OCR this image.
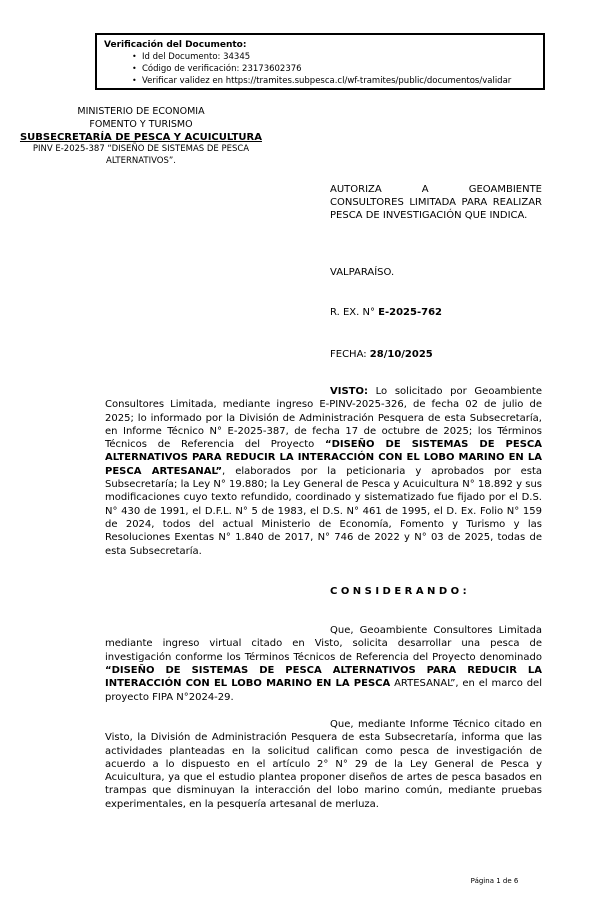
Verificación del Documento:
• Id del Documento: 34345
• Código de verificación: 23173602376
• Verificar validez en https://tramites.subpesca.cl/wf-tramites/public/documentos/validar
MINISTERIO DE ECONOMIA
FOMENTO Y TURISMO
SUBSECRETARÍA DE PESCA Y ACUICULTURA
PINV E-2025-387 “DISEÑO DE SISTEMAS DE PESCA ALTERNATIVOS”.
AUTORIZA A GEOAMBIENTE CONSULTORES LIMITADA PARA REALIZAR PESCA DE INVESTIGACIÓN QUE INDICA.
VALPARAÍSO.
R. EX. N° E-2025-762
FECHA: 28/10/2025

VISTO: Lo solicitado por Geoambiente Consultores Limitada, mediante ingreso E-PINV-2025-326, de fecha 02 de julio de 2025; lo informado por la División de Administración Pesquera de esta Subsecretaría, en Informe Técnico N° E-2025-387, de fecha 17 de octubre de 2025; los Términos Técnicos de Referencia del Proyecto “DISEÑO DE SISTEMAS DE PESCA ALTERNATIVOS PARA REDUCIR LA INTERACCIÓN CON EL LOBO MARINO EN LA PESCA ARTESANAL”, elaborados por la peticionaria y aprobados por esta Subsecretaría; la Ley N° 19.880; la Ley General de Pesca y Acuicultura N° 18.892 y sus modificaciones cuyo texto refundido, coordinado y sistematizado fue fijado por el D.S. N° 430 de 1991, el D.F.L. N° 5 de 1983, el D.S. N° 461 de 1995, el D. Ex. Folio N° 159 de 2024, todos del actual Ministerio de Economía, Fomento y Turismo y las Resoluciones Exentas N° 1.840 de 2017, N° 746 de 2022 y N° 03 de 2025, todas de esta Subsecretaría.

C O N S I D E R A N D O :

Que, Geoambiente Consultores Limitada mediante ingreso virtual citado en Visto, solicita desarrollar una pesca de investigación conforme los Términos Técnicos de Referencia del Proyecto denominado “DISEÑO DE SISTEMAS DE PESCA ALTERNATIVOS PARA REDUCIR LA INTERACCIÓN CON EL LOBO MARINO EN LA PESCA ARTESANAL”, en el marco del proyecto FIPA N°2024-29.

Que, mediante Informe Técnico citado en Visto, la División de Administración Pesquera de esta Subsecretaría, informa que las actividades planteadas en la solicitud califican como pesca de investigación de acuerdo a lo dispuesto en el artículo 2° N° 29 de la Ley General de Pesca y Acuicultura, ya que el estudio plantea proponer diseños de artes de pesca basados en trampas que disminuyan la interacción del lobo marino común, mediante pruebas experimentales, en la pesquería artesanal de merluza.

Página 1 de 6
